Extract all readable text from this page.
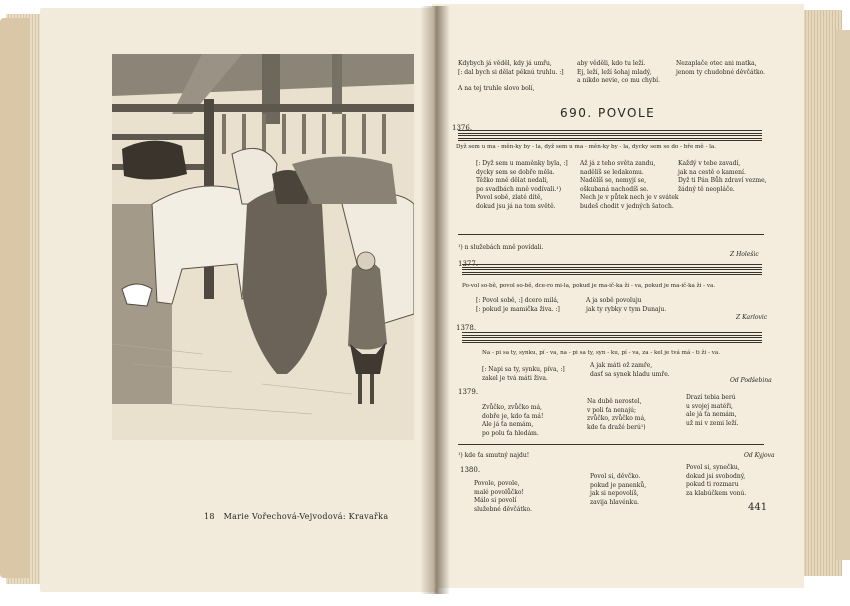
18 Marie Vořechová-Vejvodová: Kravařka
Kdybych já věděl, kdy já umřu,
[: dal bych si dělat pěknú truhlu. :]
A na tej truhle slovo bolí,
aby věděli, kdo tu leží.
Ej, leží, leží šohaj mladý,
a nikdo nevie, co mu chybí.
Nezaplače otec ani matka,
jenom ty chudobné děvčátko.
690. POVOLE
1376.
Dyž sem u ma - měn-ky by - la, dyž sem u ma - měn-ky by - la, dycky sem se do - bře mě - la.
[: Dyž sem u maměnky byla, :]
dycky sem se dobře měla.
Těžko mně dělat nedali,
po svadbách mně vodívali.¹)
Povol sobě, zlaté dítě,
dokud jsu já na tom světě.
Až já z teho světa zandu,
nadělíš se ledakomu.
Nadělíš se, nemyjí se,
oškubaná nachodíš se.
Nech je v půtek nech je v svátek
budeš chodit v jedných šatoch.
Každý v tebe zavadí,
jak na cestě o kamení.
Dyž ti Pán Bůh zdraví vezme,
žádný tě neopláče.
¹) n služebách mně povídali.
Z Holešic
1377.
Po-vol so-bě, povol so-bě, dce-ro mi-la, pokud je ma-ič-ka ži - va, pokud je ma-ič-ka ži - va.
[: Povol sobě, :] dcero milá,
[: pokud je mamička živa. :]
A ja sobě povoluju
jak ty rybky v tym Dunaju.
Z Karlovic
1378.
Na - pi sa ty, synku, pí - va, na - pi sa ty, syn - ku, pí - va, za - kel je tvá má - ti ži - va.
[: Napi sa ty, synku, píva, :]
zakel je tvá máti živa.
A jak máti ož zamře,
dasť sa synek hladu umře.
Od Podšebina
1379.
Zvůčko, zvůčko má,
dobře je, kdo ťa má!
Ale já ťa nemám,
po polu ťa hledám.
Na dubě nerostel,
v poli ťa nenajú;
zvůčko, zvůčko má,
kde ťa dražé berú¹)
Drazí tebia berú
u svojej matéři,
ale já ťa nemám,
už mi v zemi leží.
¹) kde ťa smutný najdu!	Od Kyjova
1380.
Povole, povole,
malé povolůčko!
Málo si povolí
služebné děvčátko.
Povol si, děvčko.
pokud je panenků,
jak si nepovolíš,
zavija hlavénku.
Povol si, synečku,
dokud jsi svobodný,
pokud ti rozmaru
za klabúčkem vonú.
441
